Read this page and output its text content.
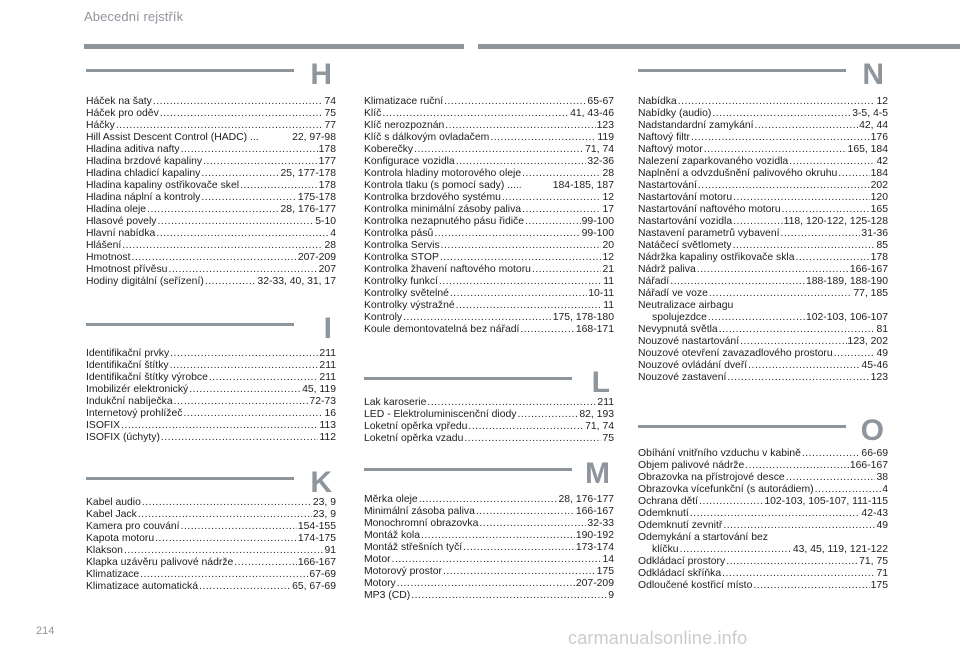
Abecední rejstřík
H
Háček na šaty .....	74
Háček pro oděv .....	75
Háčky .....	77
Hill Assist Descent Control (HADC) ...	22, 97-98
Hladina aditiva nafty .....	178
Hladina brzdové kapaliny .....	177
Hladina chladicí kapaliny .....	25, 177-178
Hladina kapaliny ostřikovače skel .....	178
Hladina náplní a kontroly .....	175-178
Hladina oleje .....	28, 176-177
Hlasové povely .....	5-10
Hlavní nabídka .....	4
Hlášení .....	28
Hmotnost .....	207-209
Hmotnost přívěsu .....	207
Hodiny digitální (seřízení) .....	32-33, 40, 31, 17
I
Identifikační prvky .....	211
Identifikační štítky .....	211
Identifikační štítky výrobce .....	211
Imobilizér elektronický .....	45, 119
Indukční nabíječka .....	72-73
Internetový prohlížeč .....	16
ISOFIX .....	113
ISOFIX (úchyty) .....	112
K
Kabel audio .....	23, 9
Kabel Jack .....	23, 9
Kamera pro couvání .....	154-155
Kapota motoru .....	174-175
Klakson .....	91
Klapka uzávěru palivové nádrže .....	166-167
Klimatizace .....	67-69
Klimatizace automatická .....	65, 67-69
Klimatizace ruční .....	65-67
Klíč .....	41, 43-46
Klíč nerozpoznán .....	123
Klíč s dálkovým ovladačem .....	119
Koberečky .....	71, 74
Konfigurace vozidla .....	32-36
Kontrola hladiny motorového oleje .....	28
Kontrola tlaku (s pomocí sady) .....	184-185, 187
Kontrolka brzdového systému .....	12
Kontrolka minimální zásoby paliva .....	17
Kontrolka nezapnutého pásu řidiče .....	99-100
Kontrolka pásů .....	99-100
Kontrolka Servis .....	20
Kontrolka STOP .....	12
Kontrolka žhavení naftového motoru .....	21
Kontrolky funkcí .....	11
Kontrolky světelné .....	10-11
Kontrolky výstražné .....	11
Kontroly .....	175, 178-180
Koule demontovatelná bez nářadí .....	168-171
L
Lak karoserie .....	211
LED - Elektroluminiscenční diody .....	82, 193
Loketní opěrka vpředu .....	71, 74
Loketní opěrka vzadu .....	75
M
Měrka oleje .....	28, 176-177
Minimální zásoba paliva .....	166-167
Monochromní obrazovka .....	32-33
Montáž kola .....	190-192
Montáž střešních tyčí .....	173-174
Motor .....	14
Motorový prostor .....	175
Motory .....	207-209
MP3 (CD) .....	9
N
Nabídka .....	12
Nabídky (audio) .....	3-5, 4-5
Nadstandardní zamykání .....	42, 44
Naftový filtr .....	176
Naftový motor .....	165, 184
Nalezení zaparkovaného vozidla .....	42
Naplnění a odvzdušnění palivového okruhu .....	184
Nastartování .....	202
Nastartování motoru .....	120
Nastartování naftového motoru .....	165
Nastartování vozidla .....	118, 120-122, 125-128
Nastavení parametrů vybavení .....	31-36
Natáčecí světlomety .....	85
Nádržka kapaliny ostřikovače skla .....	178
Nádrž paliva .....	166-167
Nářadí .....	188-189, 188-190
Nářadí ve voze .....	77, 185
Neutralizace airbagu
spolujezdce .....	102-103, 106-107
Nevypnutá světla .....	81
Nouzové nastartování .....	123, 202
Nouzové otevření zavazadlového prostoru .....	49
Nouzové ovládání dveří .....	45-46
Nouzové zastavení .....	123
O
Obíhání vnitřního vzduchu v kabině .....	66-69
Objem palivové nádrže .....	166-167
Obrazovka na přístrojové desce .....	38
Obrazovka vícefunkční (s autorádiem) .....	4
Ochrana dětí .....	102-103, 105-107, 111-115
Odemknutí .....	42-43
Odemknutí zevnitř .....	49
Odemykání a startování bez
klíčku .....	43, 45, 119, 121-122
Odkládací prostory .....	71, 75
Odkládací skříňka .....	71
Odloučené kostřicí místo .....	175
214	carmanualsonline.info
